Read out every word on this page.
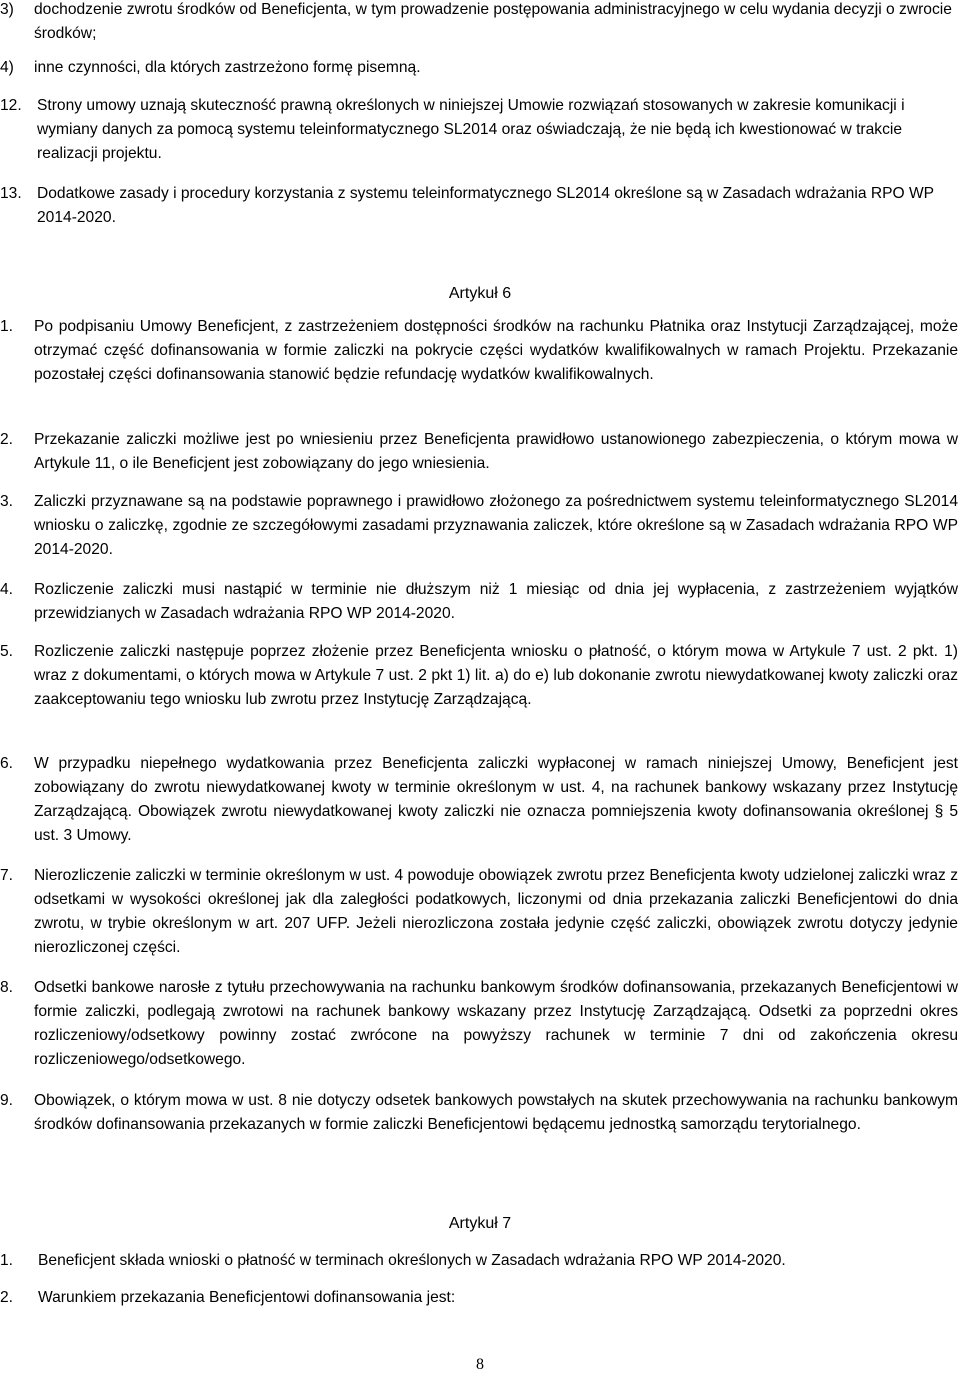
3) dochodzenie zwrotu środków od Beneficjenta, w tym prowadzenie postępowania administracyjnego w celu wydania decyzji o zwrocie środków;
4) inne czynności, dla których zastrzeżono formę pisemną.
12. Strony umowy uznają skuteczność prawną określonych w niniejszej Umowie rozwiązań stosowanych w zakresie komunikacji i wymiany danych za pomocą systemu teleinformatycznego SL2014 oraz oświadczają, że nie będą ich kwestionować w trakcie realizacji projektu.
13. Dodatkowe zasady i procedury korzystania z systemu teleinformatycznego SL2014 określone są w Zasadach wdrażania RPO WP 2014-2020.
Artykuł 6
1. Po podpisaniu Umowy Beneficjent, z zastrzeżeniem dostępności środków na rachunku Płatnika oraz Instytucji Zarządzającej, może otrzymać część dofinansowania w formie zaliczki na pokrycie części wydatków kwalifikowalnych w ramach Projektu. Przekazanie pozostałej części dofinansowania stanowić będzie refundację wydatków kwalifikowalnych.
2. Przekazanie zaliczki możliwe jest po wniesieniu przez Beneficjenta prawidłowo ustanowionego zabezpieczenia, o którym mowa w Artykule 11, o ile Beneficjent jest zobowiązany do jego wniesienia.
3. Zaliczki przyznawane są na podstawie poprawnego i prawidłowo złożonego za pośrednictwem systemu teleinformatycznego SL2014 wniosku o zaliczkę, zgodnie ze szczegółowymi zasadami przyznawania zaliczek, które określone są w Zasadach wdrażania RPO WP 2014-2020.
4. Rozliczenie zaliczki musi nastąpić w terminie nie dłuższym niż 1 miesiąc od dnia jej wypłacenia, z zastrzeżeniem wyjątków przewidzianych w Zasadach wdrażania RPO WP 2014-2020.
5. Rozliczenie zaliczki następuje poprzez złożenie przez Beneficjenta wniosku o płatność, o którym mowa w Artykule 7 ust. 2 pkt. 1) wraz z dokumentami, o których mowa w Artykule 7 ust. 2 pkt 1) lit. a) do e) lub dokonanie zwrotu niewydatkowanej kwoty zaliczki oraz zaakceptowaniu tego wniosku lub zwrotu przez Instytucję Zarządzającą.
6. W przypadku niepełnego wydatkowania przez Beneficjenta zaliczki wypłaconej w ramach niniejszej Umowy, Beneficjent jest zobowiązany do zwrotu niewydatkowanej kwoty w terminie określonym w ust. 4, na rachunek bankowy wskazany przez Instytucję Zarządzającą. Obowiązek zwrotu niewydatkowanej kwoty zaliczki nie oznacza pomniejszenia kwoty dofinansowania określonej § 5 ust. 3 Umowy.
7. Nierozliczenie zaliczki w terminie określonym w ust. 4 powoduje obowiązek zwrotu przez Beneficjenta kwoty udzielonej zaliczki wraz z odsetkami w wysokości określonej jak dla zaległości podatkowych, liczonymi od dnia przekazania zaliczki Beneficjentowi do dnia zwrotu, w trybie określonym w art. 207 UFP. Jeżeli nierozliczona została jedynie część zaliczki, obowiązek zwrotu dotyczy jedynie nierozliczonej części.
8. Odsetki bankowe narosłe z tytułu przechowywania na rachunku bankowym środków dofinansowania, przekazanych Beneficjentowi w formie zaliczki, podlegają zwrotowi na rachunek bankowy wskazany przez Instytucję Zarządzającą. Odsetki za poprzedni okres rozliczeniowy/odsetkowy powinny zostać zwrócone na powyższy rachunek w terminie 7 dni od zakończenia okresu rozliczeniowego/odsetkowego.
9. Obowiązek, o którym mowa w ust. 8 nie dotyczy odsetek bankowych powstałych na skutek przechowywania na rachunku bankowym środków dofinansowania przekazanych w formie zaliczki Beneficjentowi będącemu jednostką samorządu terytorialnego.
Artykuł 7
1. Beneficjent składa wnioski o płatność w terminach określonych w Zasadach wdrażania RPO WP 2014-2020.
2. Warunkiem przekazania Beneficjentowi dofinansowania jest:
8
